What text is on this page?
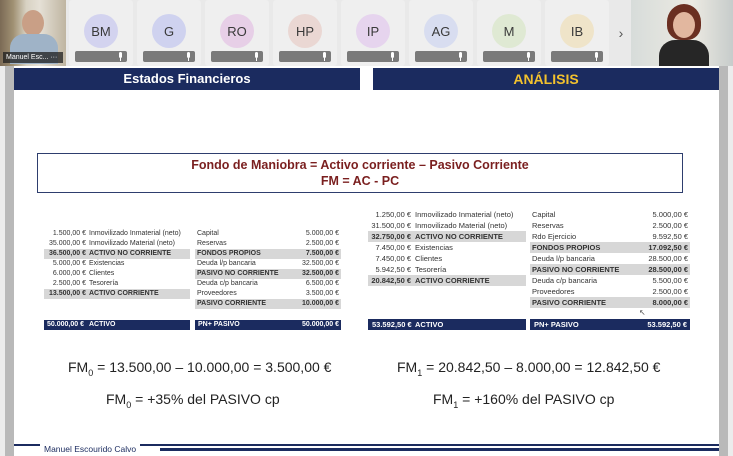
Manuel Esc... ···
BM	G	RO	HP	IP	AG	M	IB	›
Estados Financieros	ANÁLISIS
Fondo de Maniobra = Activo corriente – Pasivo Corriente
FM = AC - PC
1.500,00 € Inmovilizado Inmaterial (neto)
35.000,00 € Inmovilizado Material (neto)
36.500,00 € ACTIVO NO CORRIENTE
5.000,00 € Existencias
6.000,00 € Clientes
2.500,00 € Tesorería
13.500,00 € ACTIVO CORRIENTE
Capital	5.000,00 €
Reservas	2.500,00 €
FONDOS PROPIOS	7.500,00 €
Deuda l/p bancaria	32.500,00 €
PASIVO NO CORRIENTE	32.500,00 €
Deuda c/p bancaria	6.500,00 €
Proveedores	3.500,00 €
PASIVO CORRIENTE	10.000,00 €
50.000,00 € ACTIVO	PN+ PASIVO	50.000,00 €
1.250,00 € Inmovilizado Inmaterial (neto)
31.500,00 € Inmovilizado Material (neto)
32.750,00 € ACTIVO NO CORRIENTE
7.450,00 € Existencias
7.450,00 € Clientes
5.942,50 € Tesorería
20.842,50 € ACTIVO CORRIENTE
Capital	5.000,00 €
Reservas	2.500,00 €
Rdo Ejercicio	9.592,50 €
FONDOS PROPIOS	17.092,50 €
Deuda l/p bancaria	28.500,00 €
PASIVO NO CORRIENTE	28.500,00 €
Deuda c/p bancaria	5.500,00 €
Proveedores	2.500,00 €
PASIVO CORRIENTE	8.000,00 €
53.592,50 € ACTIVO	PN+ PASIVO	53.592,50 €
$FM_0 = 13.500,00 - 10.000,00 = 3.500,00$ €
$FM_0 = +35\%$ del PASIVO cp
$FM_1 = 20.842,50 - 8.000,00 = 12.842,50$ €
$FM_1 = +160\%$ del PASIVO cp
Manuel Escourido Calvo
↖
